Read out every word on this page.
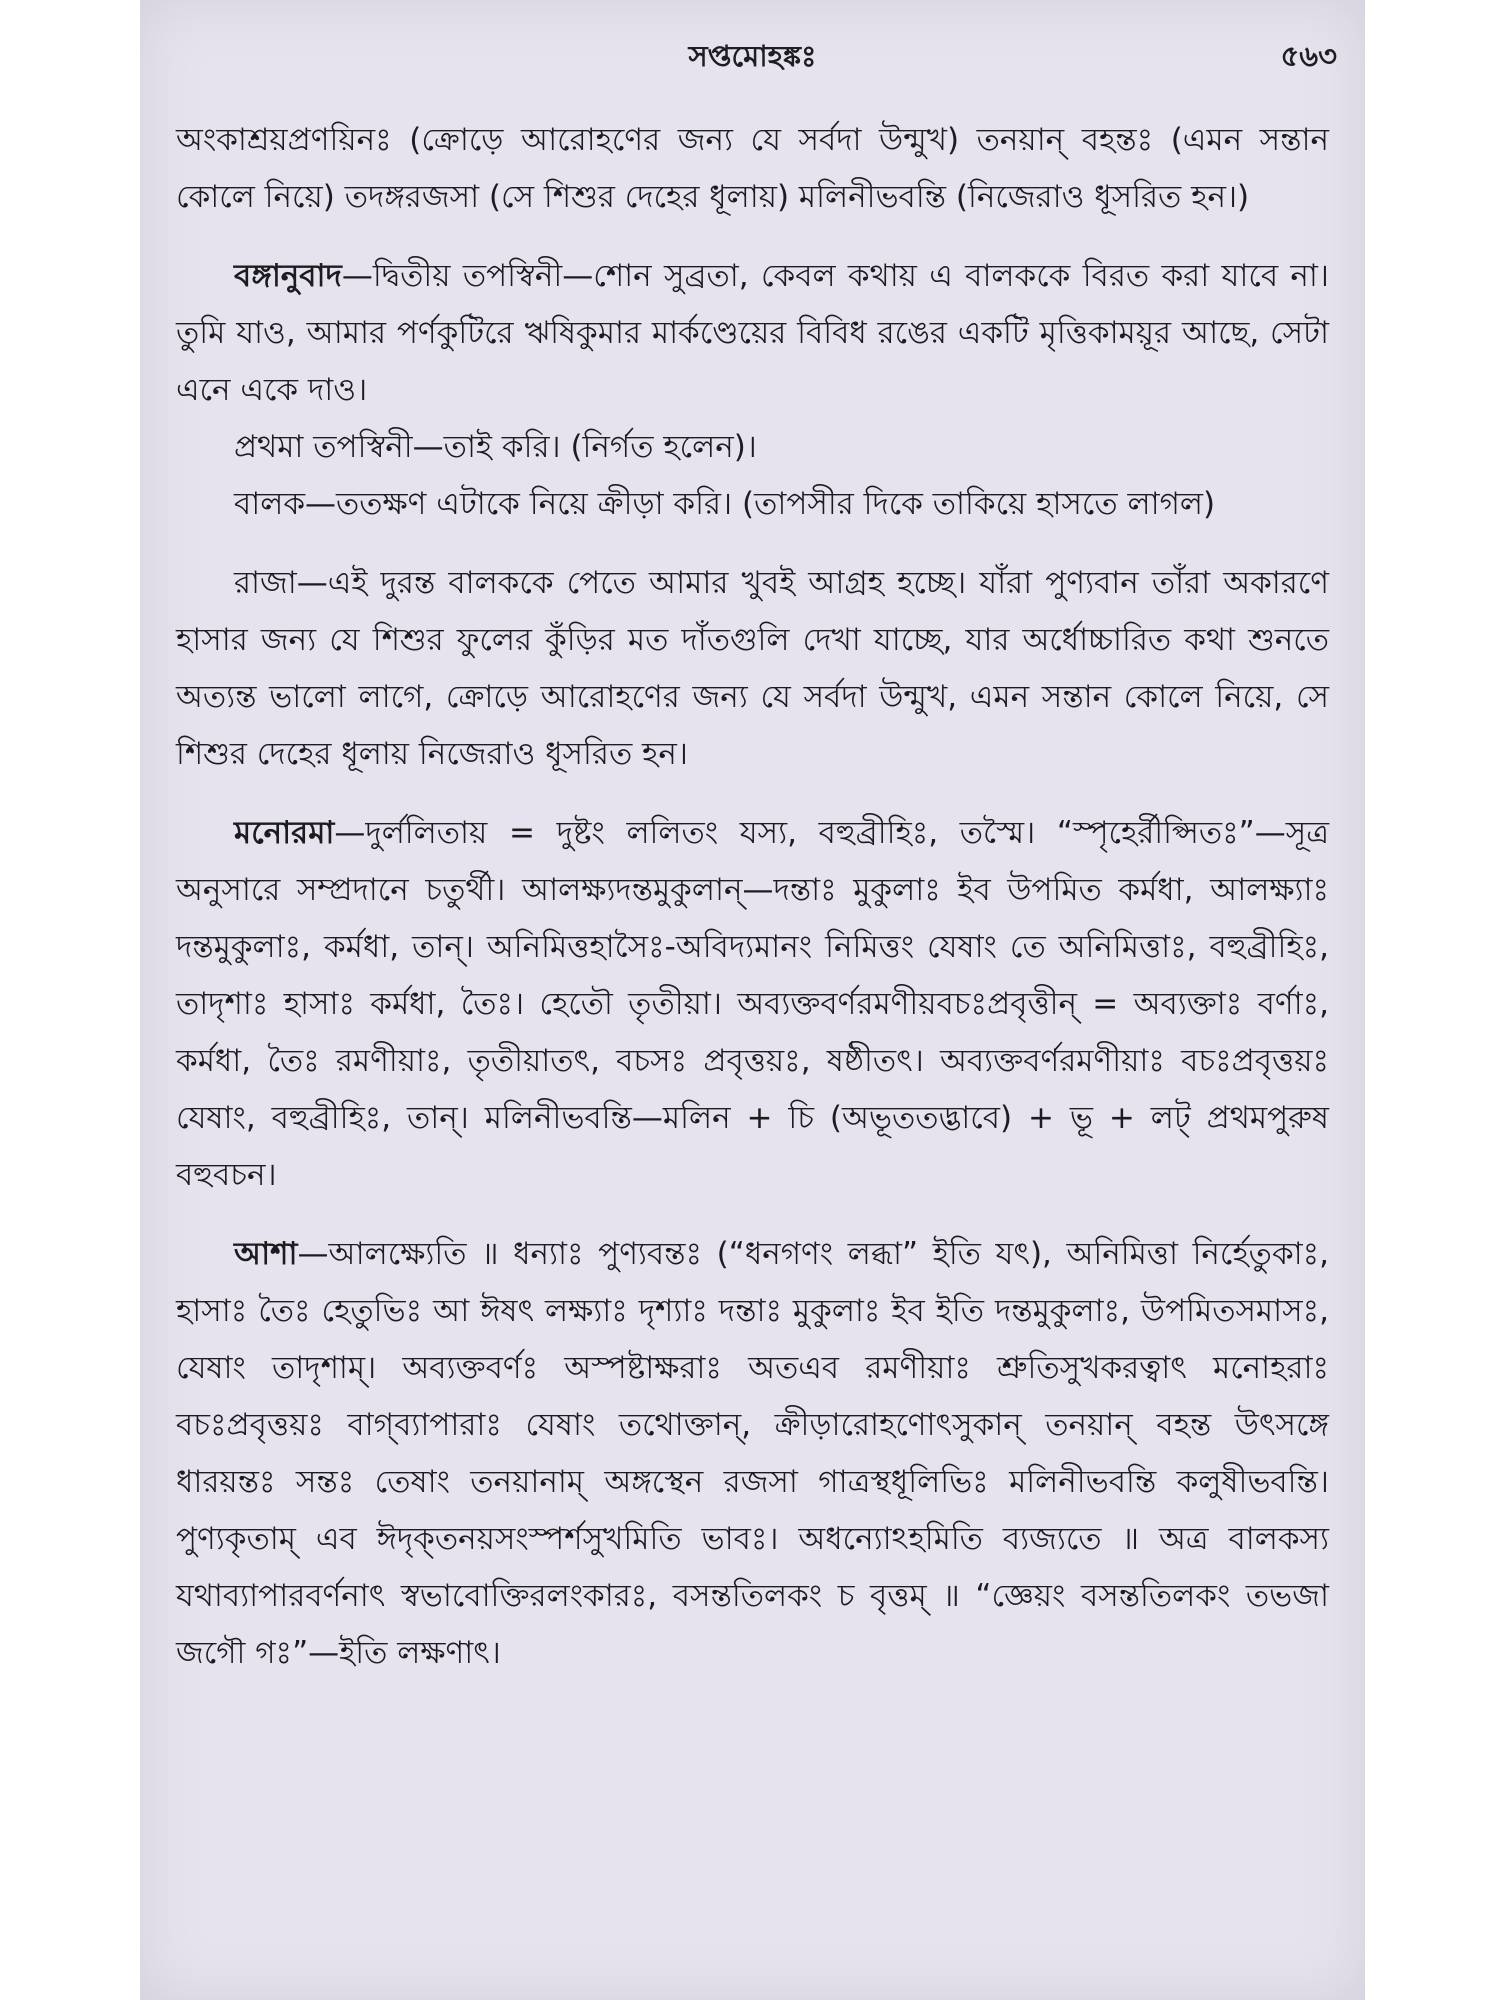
সপ্তমোহঙ্কঃ	৫৬৩

অংকাশ্রয়প্রণয়িনঃ (ক্রোড়ে আরোহণের জন্য যে সর্বদা উন্মুখ) তনয়ান্ বহন্তঃ (এমন সন্তান কোলে নিয়ে) তদঙ্গরজসা (সে শিশুর দেহের ধূলায়) মলিনীভবন্তি (নিজেরাও ধূসরিত হন।)

বঙ্গানুবাদ—দ্বিতীয় তপস্বিনী—শোন সুব্রতা, কেবল কথায় এ বালককে বিরত করা যাবে না। তুমি যাও, আমার পর্ণকুটিরে ঋষিকুমার মার্কণ্ডেয়ের বিবিধ রঙের একটি মৃত্তিকাময়ূর আছে, সেটা এনে একে দাও।

প্রথমা তপস্বিনী—তাই করি। (নির্গত হলেন)।

বালক—ততক্ষণ এটাকে নিয়ে ক্রীড়া করি। (তাপসীর দিকে তাকিয়ে হাসতে লাগল)

রাজা—এই দুরন্ত বালককে পেতে আমার খুবই আগ্রহ হচ্ছে। যাঁরা পুণ্যবান তাঁরা অকারণে হাসার জন্য যে শিশুর ফুলের কুঁড়ির মত দাঁতগুলি দেখা যাচ্ছে, যার অর্ধোচ্চারিত কথা শুনতে অত্যন্ত ভালো লাগে, ক্রোড়ে আরোহণের জন্য যে সর্বদা উন্মুখ, এমন সন্তান কোলে নিয়ে, সে শিশুর দেহের ধূলায় নিজেরাও ধূসরিত হন।

মনোরমা—দুর্ললিতায় = দুষ্টং ললিতং যস্য, বহুব্রীহিঃ, তস্মৈ। “স্পৃহের্রীপ্সিতঃ”—সূত্র অনুসারে সম্প্রদানে চতুর্থী। আলক্ষ্যদন্তমুকুলান্—দন্তাঃ মুকুলাঃ ইব উপমিত কর্মধা, আলক্ষ্যাঃ দন্তমুকুলাঃ, কর্মধা, তান্। অনিমিত্তহাসৈঃ-অবিদ্যমানং নিমিত্তং যেষাং তে অনিমিত্তাঃ, বহুব্রীহিঃ, তাদৃশাঃ হাসাঃ কর্মধা, তৈঃ। হেতৌ তৃতীয়া। অব্যক্তবর্ণরমণীয়বচঃপ্রবৃত্তীন্ = অব্যক্তাঃ বর্ণাঃ, কর্মধা, তৈঃ রমণীয়াঃ, তৃতীয়াতৎ, বচসঃ প্রবৃত্তয়ঃ, ষষ্ঠীতৎ। অব্যক্তবর্ণরমণীয়াঃ বচঃপ্রবৃত্তয়ঃ যেষাং, বহুব্রীহিঃ, তান্। মলিনীভবন্তি—মলিন + চি (অভূততদ্ভাবে) + ভূ + লট্ প্রথমপুরুষ বহুবচন।

আশা—আলক্ষ্যেতি ॥ ধন্যাঃ পুণ্যবন্তঃ (“ধনগণং লব্ধা” ইতি যৎ), অনিমিত্তা নির্হেতুকাঃ, হাসাঃ তৈঃ হেতুভিঃ আ ঈষৎ লক্ষ্যাঃ দৃশ্যাঃ দন্তাঃ মুকুলাঃ ইব ইতি দন্তমুকুলাঃ, উপমিতসমাসঃ, যেষাং তাদৃশাম্। অব্যক্তবর্ণঃ অস্পষ্টাক্ষরাঃ অতএব রমণীয়াঃ শ্রুতিসুখকরত্বাৎ মনোহরাঃ বচঃপ্রবৃত্তয়ঃ বাগ্‌ব্যাপারাঃ যেষাং তথোক্তান্, ক্রীড়ারোহণোৎসুকান্ তনয়ান্ বহন্ত উৎসঙ্গে ধারয়ন্তঃ সন্তঃ তেষাং তনয়ানাম্ অঙ্গস্থেন রজসা গাত্রস্থধূলিভিঃ মলিনীভবন্তি কলুষীভবন্তি। পুণ্যকৃতাম্ এব ঈদৃক্‌তনয়সংস্পর্শসুখমিতি ভাবঃ। অধন্যোঽহমিতি ব্যজ্যতে ॥ অত্র বালকস্য যথাব্যাপারবর্ণনাৎ স্বভাবোক্তিরলংকারঃ, বসন্ততিলকং চ বৃত্তম্ ॥ “জ্ঞেয়ং বসন্ততিলকং তভজা জগৌ গঃ”—ইতি লক্ষণাৎ।
